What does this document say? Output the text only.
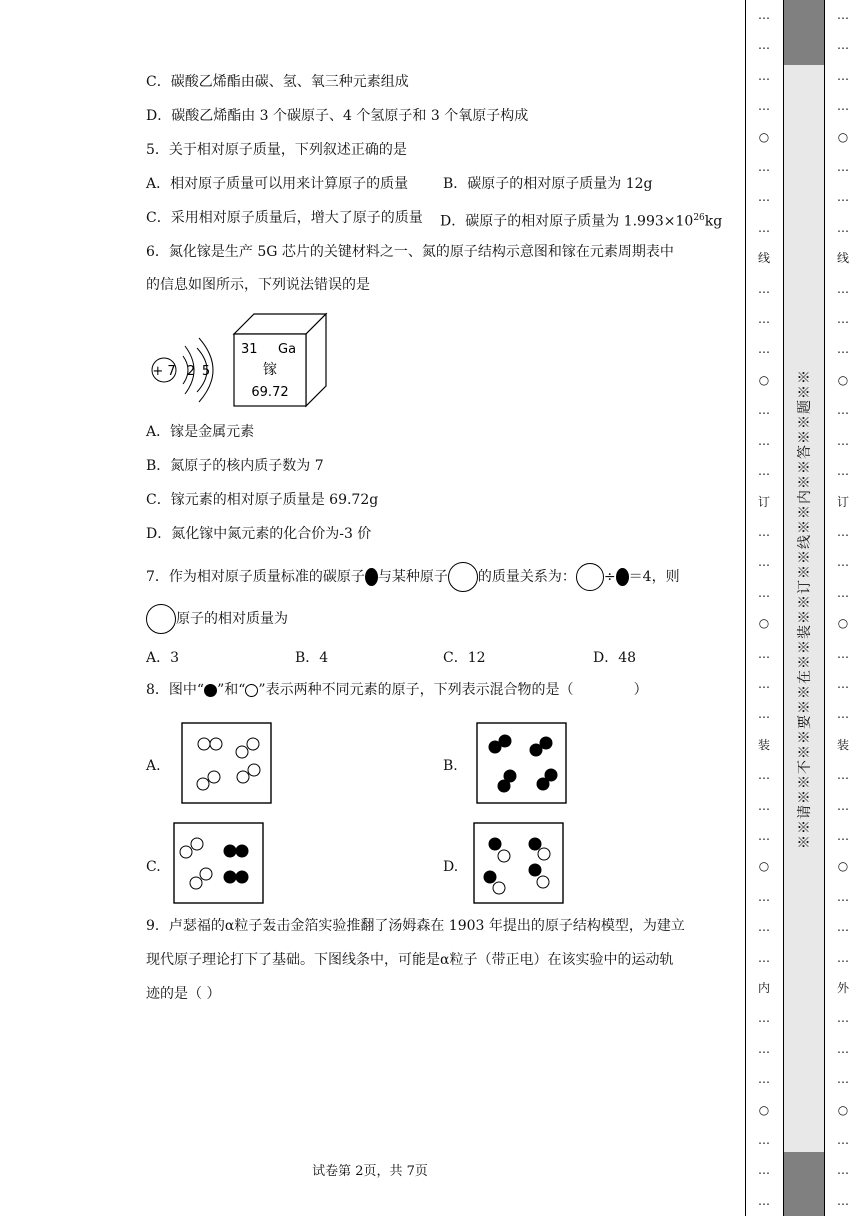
C．碳酸乙烯酯由碳、氢、氧三种元素组成
D．碳酸乙烯酯由 3 个碳原子、4 个氢原子和 3 个氧原子构成
5．关于相对原子质量，下列叙述正确的是
A．相对原子质量可以用来计算原子的质量 B．碳原子的相对原子质量为 12g
C．采用相对原子质量后，增大了原子的质量 D．碳原子的相对原子质量为 $1.993\times 10^{26}kg$
6．氮化镓是生产 5G 芯片的关键材料之一、氮的原子结构示意图和镓在元素周期表中
的信息如图所示，下列说法错误的是
+ 7 2 5
31 Ga
镓
69.72
A．镓是金属元素
B．氮原子的核内质子数为 7
C．镓元素的相对原子质量是 69.72g
D．氮化镓中氮元素的化合价为-3 价
7．作为相对原子质量标准的碳原子 与某种原子 的质量关系为： ÷ ＝4，则
原子的相对质量为
A．3	B．4	C．12	D．48
8．图中“ ”和“ ”表示两种不同元素的原子，下列表示混合物的是（	）
A.	B.
C.	D.
9．卢瑟福的α粒子轰击金箔实验推翻了汤姆森在 1903 年提出的原子结构模型，为建立
现代原子理论打下了基础。下图线条中，可能是α粒子（带正电）在该实验中的运动轨
迹的是（ ）
试卷第 2页，共 7页
※※请※※不※※要※※在※※装※※订※※线※※内※※答※※题※※
…
…
…
…
○
…
…
…
线
…
…
…
○
…
…
…
订
…
…
…
○
…
…
…
装
…
…
…
○
…
…
…
内
…
…
…
○
…
…
…
…
…
…
…
○
…
…
…
线
…
…
…
○
…
…
…
订
…
…
…
○
…
…
…
装
…
…
…
○
…
…
…
外
…
…
…
○
…
…
…
